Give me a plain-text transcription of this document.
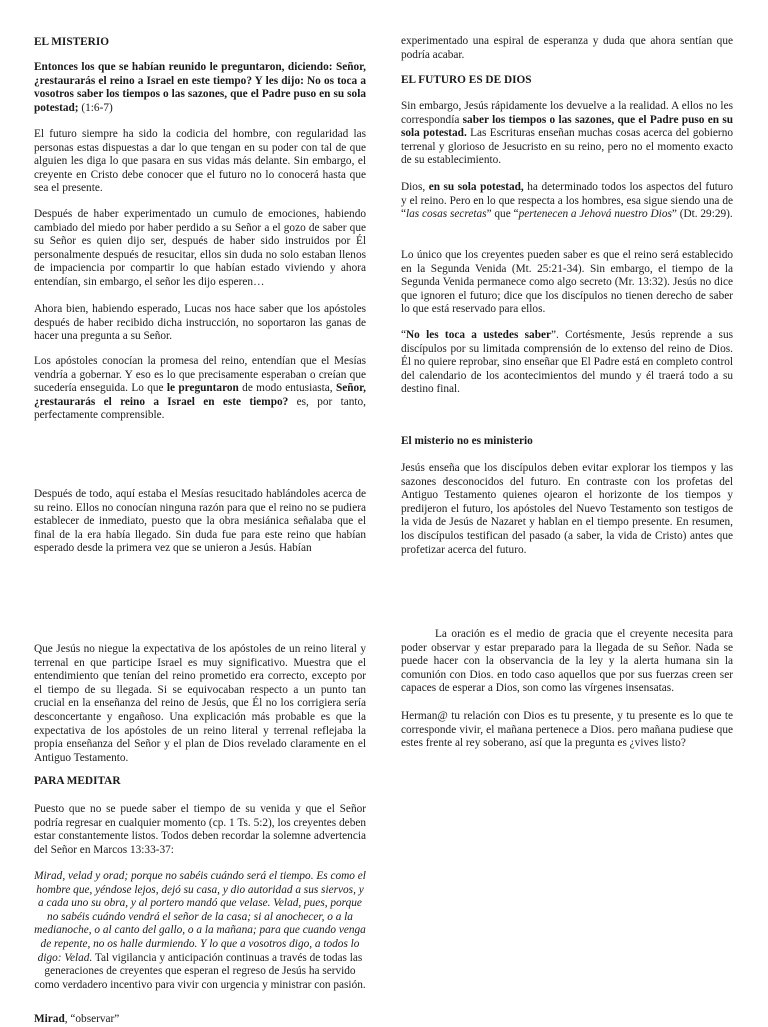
EL MISTERIO

Entonces los que se habían reunido le preguntaron, diciendo: Señor, ¿restaurarás el reino a Israel en este tiempo? Y les dijo: No os toca a vosotros saber los tiempos o las sazones, que el Padre puso en su sola potestad; (1:6-7)

El futuro siempre ha sido la codicia del hombre, con regularidad las personas estas dispuestas a dar lo que tengan en su poder con tal de que alguien les diga lo que pasara en sus vidas más delante. Sin embargo, el creyente en Cristo debe conocer que el futuro no lo conocerá hasta que sea el presente.

Después de haber experimentado un cumulo de emociones, habiendo cambiado del miedo por haber perdido a su Señor a el gozo de saber que su Señor es quien dijo ser, después de haber sido instruidos por Él personalmente después de resucitar, ellos sin duda no solo estaban llenos de impaciencia por compartir lo que habían estado viviendo y ahora entendían, sin embargo, el señor les dijo esperen…

Ahora bien, habiendo esperado, Lucas nos hace saber que los apóstoles después de haber recibido dicha instrucción, no soportaron las ganas de hacer una pregunta a su Señor.

Los apóstoles conocían la promesa del reino, entendían que el Mesías vendría a gobernar. Y eso es lo que precisamente esperaban o creían que sucedería enseguida. Lo que le preguntaron de modo entusiasta, Señor, ¿restaurarás el reino a Israel en este tiempo? es, por tanto, perfectamente comprensible.

Después de todo, aquí estaba el Mesías resucitado hablándoles acerca de su reino. Ellos no conocían ninguna razón para que el reino no se pudiera establecer de inmediato, puesto que la obra mesiánica señalaba que el final de la era había llegado. Sin duda fue para este reino que habían esperado desde la primera vez que se unieron a Jesús. Habían

Que Jesús no niegue la expectativa de los apóstoles de un reino literal y terrenal en que participe Israel es muy significativo. Muestra que el entendimiento que tenían del reino prometido era correcto, excepto por el tiempo de su llegada. Si se equivocaban respecto a un punto tan crucial en la enseñanza del reino de Jesús, que Él no los corrigiera sería desconcertante y engañoso. Una explicación más probable es que la expectativa de los apóstoles de un reino literal y terrenal reflejaba la propia enseñanza del Señor y el plan de Dios revelado claramente en el Antiguo Testamento.

PARA MEDITAR

Puesto que no se puede saber el tiempo de su venida y que el Señor podría regresar en cualquier momento (cp. 1 Ts. 5:2), los creyentes deben estar constantemente listos. Todos deben recordar la solemne advertencia del Señor en Marcos 13:33-37:

Mirad, velad y orad; porque no sabéis cuándo será el tiempo. Es como el hombre que, yéndose lejos, dejó su casa, y dio autoridad a sus siervos, y a cada uno su obra, y al portero mandó que velase. Velad, pues, porque no sabéis cuándo vendrá el señor de la casa; si al anochecer, o a la medianoche, o al canto del gallo, o a la mañana; para que cuando venga de repente, no os halle durmiendo. Y lo que a vosotros digo, a todos lo digo: Velad. Tal vigilancia y anticipación continuas a través de todas las generaciones de creyentes que esperan el regreso de Jesús ha servido como verdadero incentivo para vivir con urgencia y ministrar con pasión.

Mirad, “observar”

experimentado una espiral de esperanza y duda que ahora sentían que podría acabar.

EL FUTURO ES DE DIOS

Sin embargo, Jesús rápidamente los devuelve a la realidad. A ellos no les correspondía saber los tiempos o las sazones, que el Padre puso en su sola potestad. Las Escrituras enseñan muchas cosas acerca del gobierno terrenal y glorioso de Jesucristo en su reino, pero no el momento exacto de su establecimiento.

Dios, en su sola potestad, ha determinado todos los aspectos del futuro y el reino. Pero en lo que respecta a los hombres, esa sigue siendo una de “las cosas secretas” que “pertenecen a Jehová nuestro Dios” (Dt. 29:29).

Lo único que los creyentes pueden saber es que el reino será establecido en la Segunda Venida (Mt. 25:21-34). Sin embargo, el tiempo de la Segunda Venida permanece como algo secreto (Mr. 13:32). Jesús no dice que ignoren el futuro; dice que los discípulos no tienen derecho de saber lo que está reservado para ellos.

“No les toca a ustedes saber”. Cortésmente, Jesús reprende a sus discípulos por su limitada comprensión de lo extenso del reino de Dios. Él no quiere reprobar, sino enseñar que El Padre está en completo control del calendario de los acontecimientos del mundo y él traerá todo a su destino final.

El misterio no es ministerio

Jesús enseña que los discípulos deben evitar explorar los tiempos y las sazones desconocidos del futuro. En contraste con los profetas del Antiguo Testamento quienes ojearon el horizonte de los tiempos y predijeron el futuro, los apóstoles del Nuevo Testamento son testigos de la vida de Jesús de Nazaret y hablan en el tiempo presente. En resumen, los discípulos testifican del pasado (a saber, la vida de Cristo) antes que profetizar acerca del futuro.

La oración es el medio de gracia que el creyente necesita para poder observar y estar preparado para la llegada de su Señor. Nada se puede hacer con la observancia de la ley y la alerta humana sin la comunión con Dios. en todo caso aquellos que por sus fuerzas creen ser capaces de esperar a Dios, son como las vírgenes insensatas.

Herman@ tu relación con Dios es tu presente, y tu presente es lo que te corresponde vivir, el mañana pertenece a Dios. pero mañana pudiese que estes frente al rey soberano, así que la pregunta es ¿vives listo?
